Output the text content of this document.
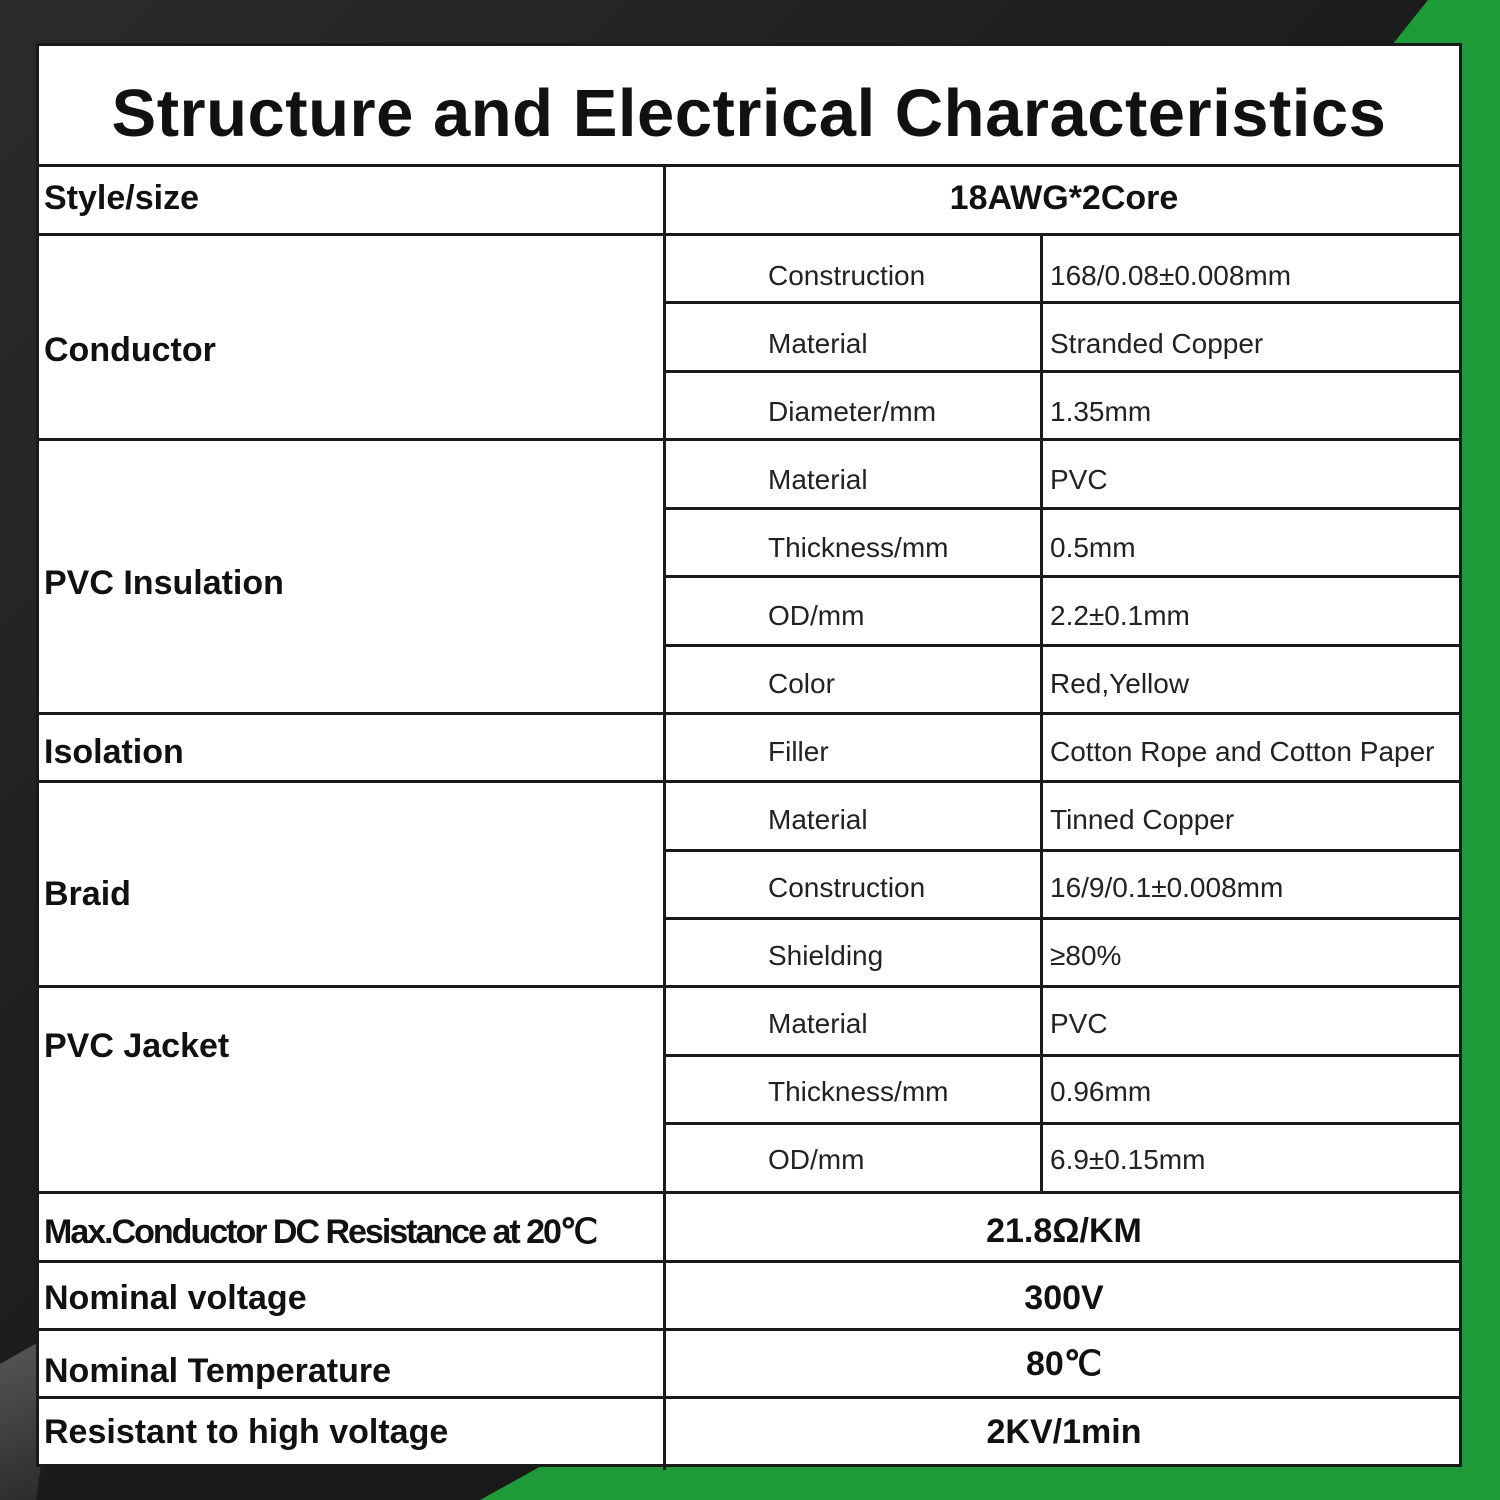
Structure and Electrical Characteristics
Style/size	18AWG*2Core
Conductor
Construction	168/0.08±0.008mm
Material	Stranded Copper
Diameter/mm	1.35mm
PVC Insulation
Material	PVC
Thickness/mm	0.5mm
OD/mm	2.2±0.1mm
Color	Red,Yellow
Isolation	Filler	Cotton Rope and Cotton Paper
Braid
Material	Tinned Copper
Construction	16/9/0.1±0.008mm
Shielding	≥80%
PVC Jacket
Material	PVC
Thickness/mm	0.96mm
OD/mm	6.9±0.15mm
Max.Conductor DC Resistance at 20℃	21.8Ω/KM
Nominal voltage	300V
Nominal Temperature	80℃
Resistant to high voltage	2KV/1min
